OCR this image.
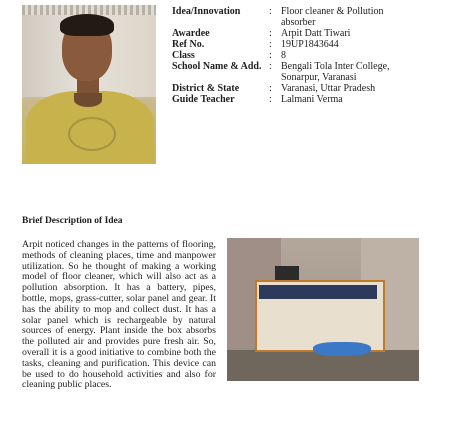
Idea/Innovation	: Floor cleaner & Pollution
absorber
Awardee	: Arpit Datt Tiwari
Ref No.	: 19UP1843644
Class	: 8
School Name & Add. : Bengali Tola Inter College,
Sonarpur, Varanasi
District & State	: Varanasi, Uttar Pradesh
Guide Teacher	: Lalmani Verma
Brief Description of Idea
Arpit noticed changes in the patterns of flooring, methods of cleaning places, time and manpower utilization. So he thought of making a working model of floor cleaner, which will also act as a pollution absorption. It has a battery, pipes, bottle, mops, grass-cutter, solar panel and gear. It has the ability to mop and collect dust. It has a solar panel which is rechargeable by natural sources of energy. Plant inside the box absorbs the polluted air and provides pure fresh air. So, overall it is a good initiative to combine both the tasks, cleaning and purification. This device can be used to do household activities and also for cleaning public places.
